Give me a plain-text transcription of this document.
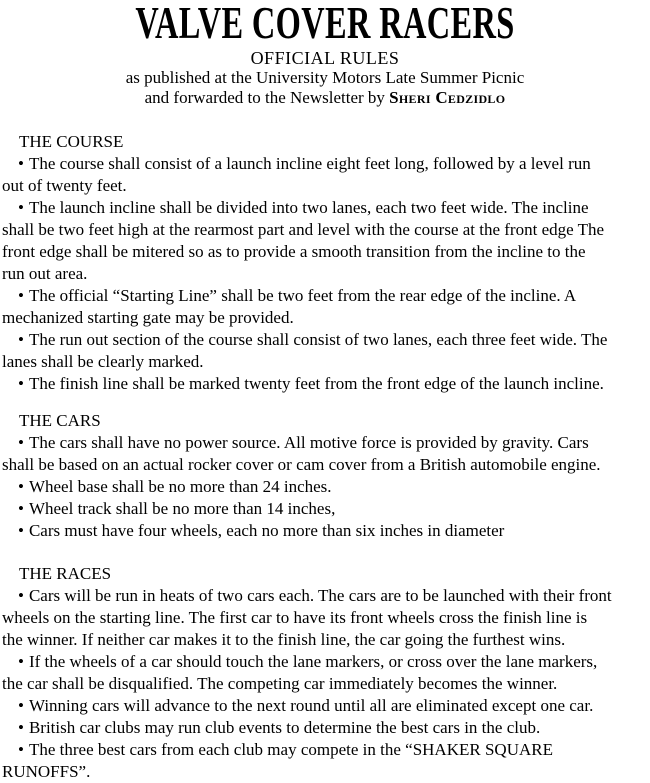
VALVE COVER RACERS
OFFICIAL RULES
as published at the University Motors Late Summer Picnic
and forwarded to the Newsletter by Sheri Cedzidlo
THE COURSE
• The course shall consist of a launch incline eight feet long, followed by a level run
out of twenty feet.
• The launch incline shall be divided into two lanes, each two feet wide. The incline
shall be two feet high at the rearmost part and level with the course at the front edge The
front edge shall be mitered so as to provide a smooth transition from the incline to the
run out area.
• The official “Starting Line” shall be two feet from the rear edge of the incline. A
mechanized starting gate may be provided.
• The run out section of the course shall consist of two lanes, each three feet wide. The
lanes shall be clearly marked.
• The finish line shall be marked twenty feet from the front edge of the launch incline.
THE CARS
• The cars shall have no power source. All motive force is provided by gravity. Cars
shall be based on an actual rocker cover or cam cover from a British automobile engine.
• Wheel base shall be no more than 24 inches.
• Wheel track shall be no more than 14 inches,
• Cars must have four wheels, each no more than six inches in diameter
THE RACES
• Cars will be run in heats of two cars each. The cars are to be launched with their front
wheels on the starting line. The first car to have its front wheels cross the finish line is
the winner. If neither car makes it to the finish line, the car going the furthest wins.
• If the wheels of a car should touch the lane markers, or cross over the lane markers,
the car shall be disqualified. The competing car immediately becomes the winner.
• Winning cars will advance to the next round until all are eliminated except one car.
• British car clubs may run club events to determine the best cars in the club.
• The three best cars from each club may compete in the “SHAKER SQUARE
RUNOFFS”.
